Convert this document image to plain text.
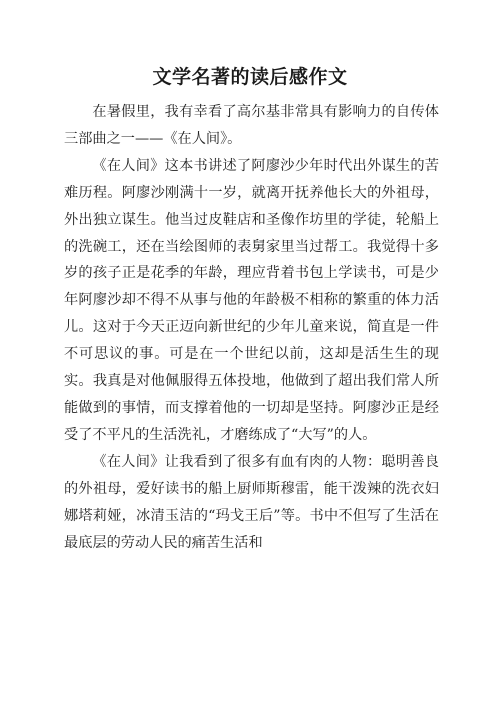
文学名著的读后感作文

在暑假里，我有幸看了高尔基非常具有影响力的自传体三部曲之一——《在人间》。

《在人间》这本书讲述了阿廖沙少年时代出外谋生的苦难历程。阿廖沙刚满十一岁，就离开抚养他长大的外祖母，外出独立谋生。他当过皮鞋店和圣像作坊里的学徒，轮船上的洗碗工，还在当绘图师的表舅家里当过帮工。我觉得十多岁的孩子正是花季的年龄，理应背着书包上学读书，可是少年阿廖沙却不得不从事与他的年龄极不相称的繁重的体力活儿。这对于今天正迈向新世纪的少年儿童来说，简直是一件不可思议的事。可是在一个世纪以前，这却是活生生的现实。我真是对他佩服得五体投地，他做到了超出我们常人所能做到的事情，而支撑着他的一切却是坚持。阿廖沙正是经受了不平凡的生活洗礼，才磨练成了“大写”的人。

《在人间》让我看到了很多有血有肉的人物：聪明善良的外祖母，爱好读书的船上厨师斯穆雷，能干泼辣的洗衣妇娜塔莉娅，冰清玉洁的“玛戈王后”等。书中不但写了生活在最底层的劳动人民的痛苦生活和
